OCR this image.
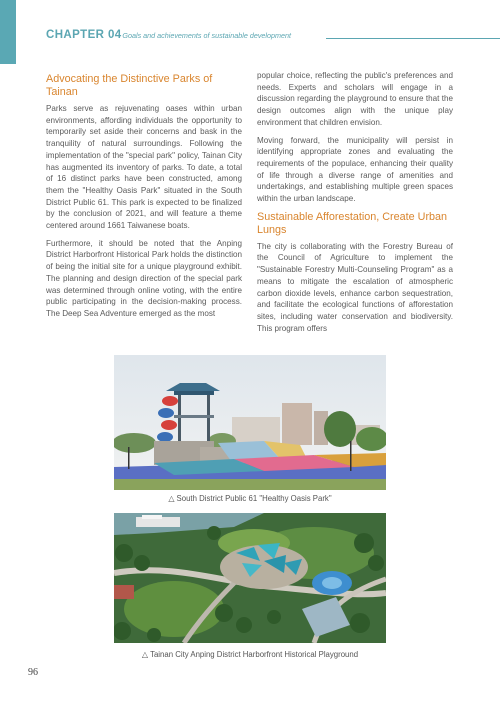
CHAPTER 04
· Goals and achievements of sustainable development
Advocating the Distinctive Parks of Tainan

Parks serve as rejuvenating oases within urban environments, affording individuals the opportunity to temporarily set aside their concerns and bask in the tranquility of natural surroundings. Following the implementation of the "special park" policy, Tainan City has augmented its inventory of parks. To date, a total of 16 distinct parks have been constructed, among them the "Healthy Oasis Park" situated in the South District Public 61. This park is expected to be finalized by the conclusion of 2021, and will feature a theme centered around 1661 Taiwanese boats.

Furthermore, it should be noted that the Anping District Harborfront Historical Park holds the distinction of being the initial site for a unique playground exhibit. The planning and design direction of the special park was determined through online voting, with the entire public participating in the decision-making process. The Deep Sea Adventure emerged as the most

popular choice, reflecting the public's preferences and needs. Experts and scholars will engage in a discussion regarding the playground to ensure that the design outcomes align with the unique play environment that children envision.

Moving forward, the municipality will persist in identifying appropriate zones and evaluating the requirements of the populace, enhancing their quality of life through a diverse range of amenities and undertakings, and establishing multiple green spaces within the urban landscape.

Sustainable Afforestation, Create Urban Lungs

The city is collaborating with the Forestry Bureau of the Council of Agriculture to implement the "Sustainable Forestry Multi-Counseling Program" as a means to mitigate the escalation of atmospheric carbon dioxide levels, enhance carbon sequestration, and facilitate the ecological functions of afforestation sites, including water conservation and biodiversity. This program offers

△ South District Public 61 "Healthy Oasis Park"
△ Tainan City Anping District Harborfront Historical Playground
96
